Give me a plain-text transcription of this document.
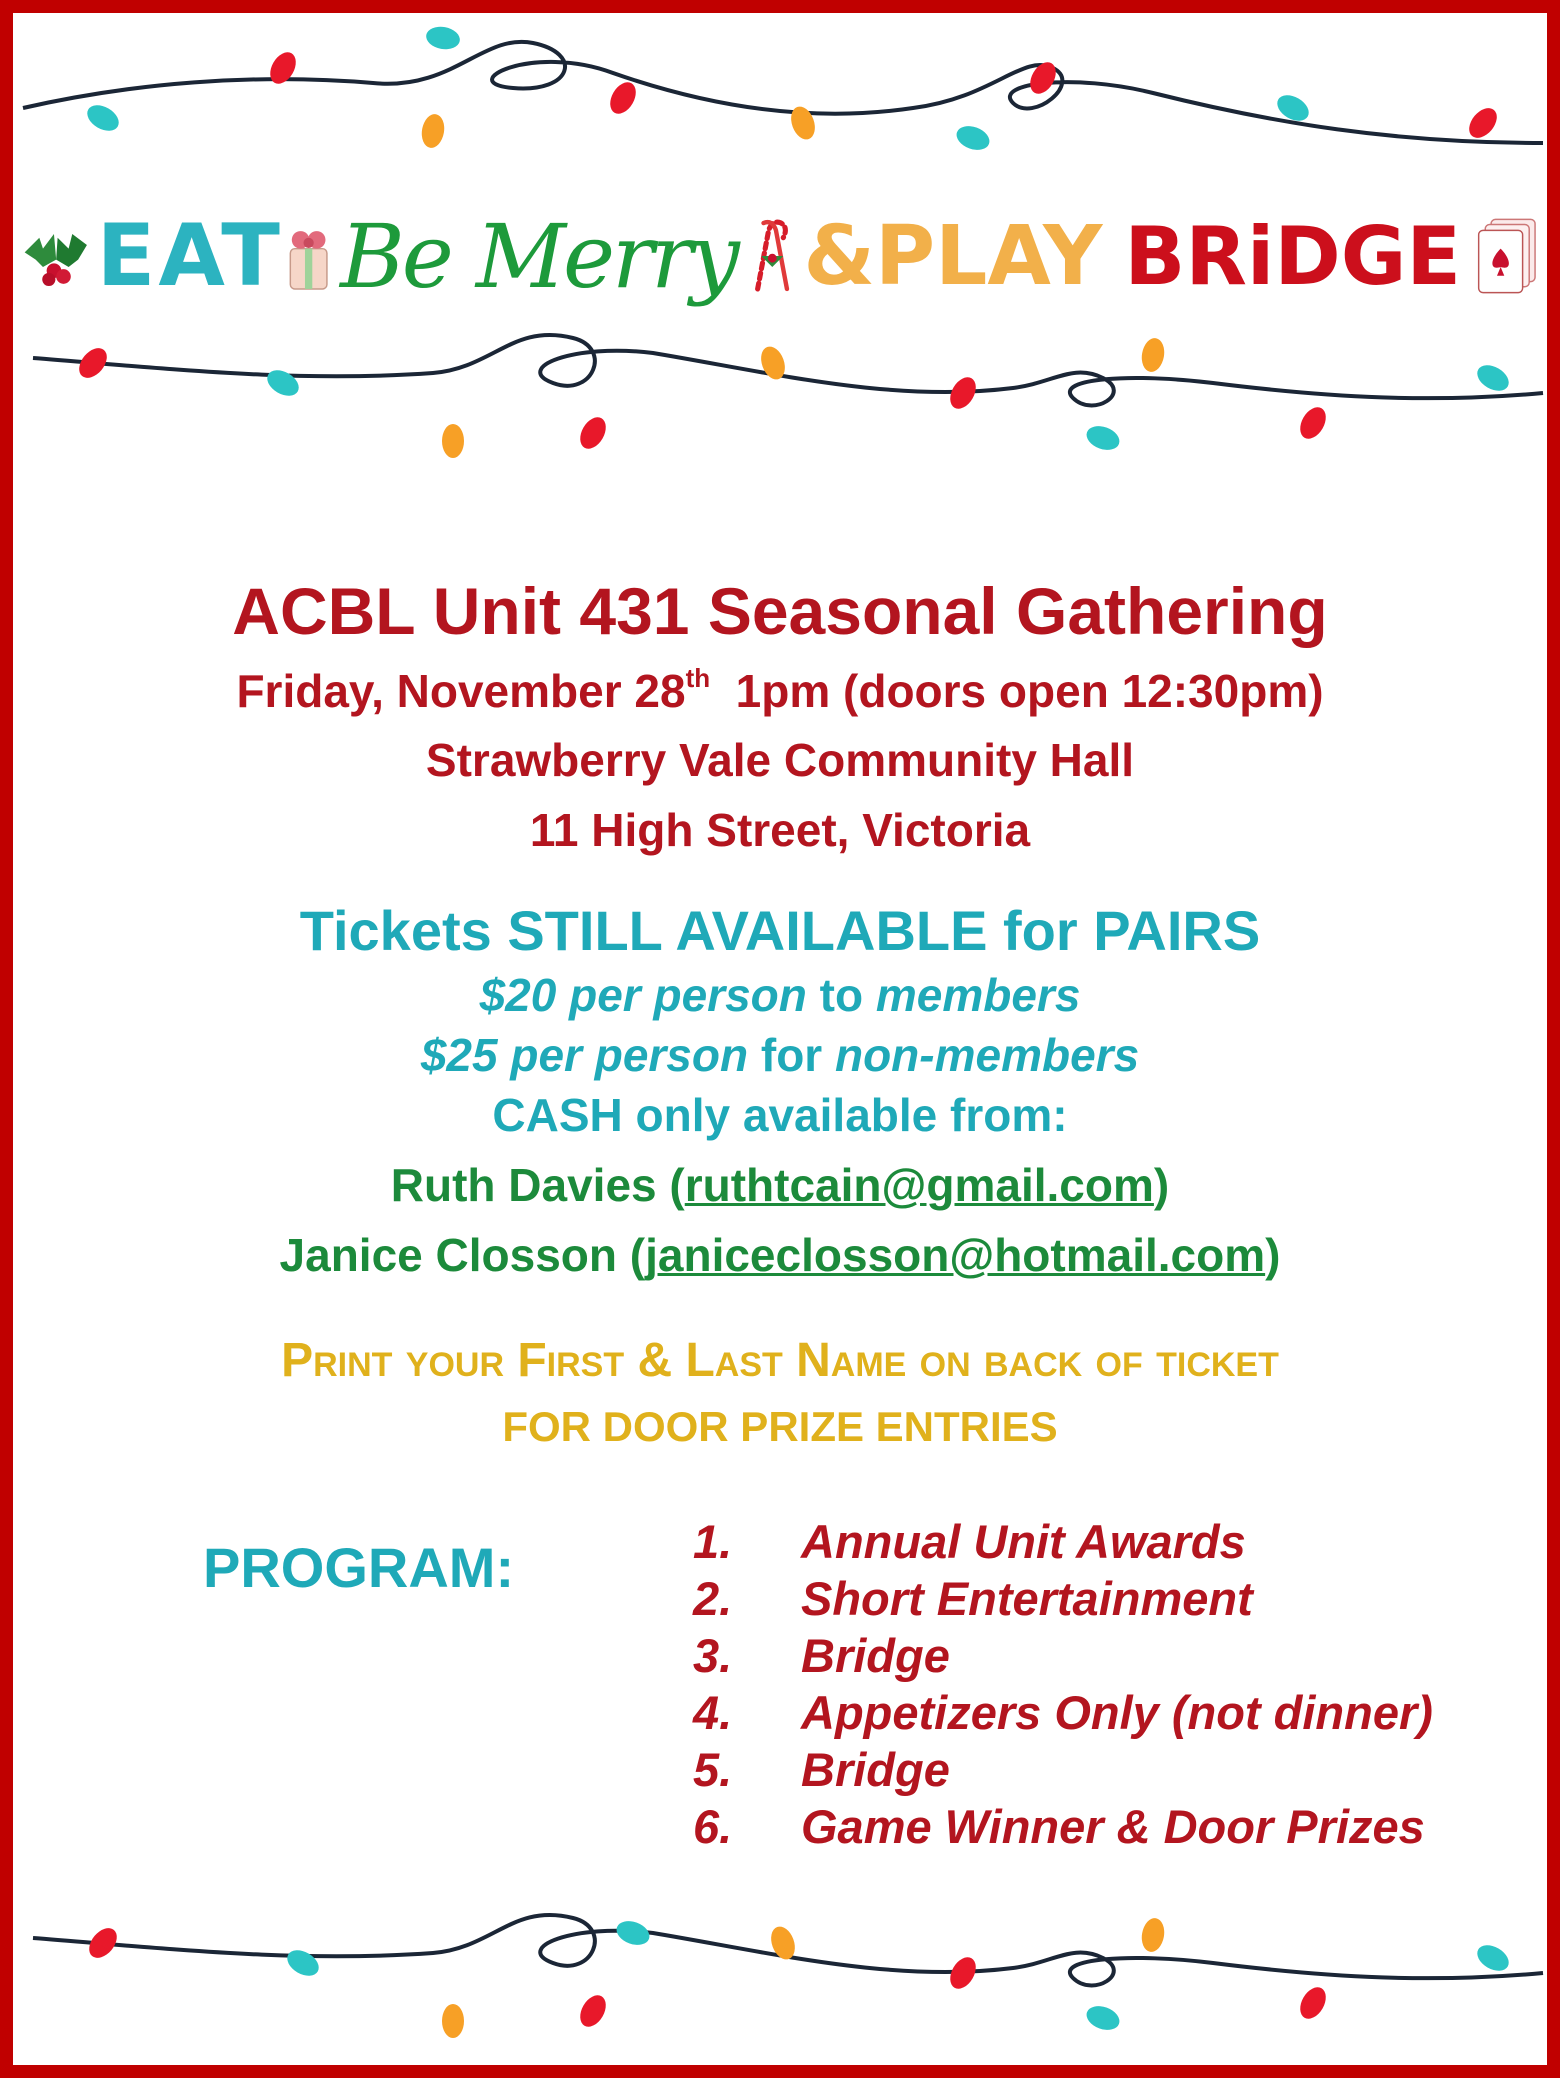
EAT Be Merry &PLAY BRiDGE
ACBL Unit 431 Seasonal Gathering
Friday, November 28th 1pm (doors open 12:30pm)
Strawberry Vale Community Hall
11 High Street, Victoria
Tickets STILL AVAILABLE for PAIRS
$20 per person to members
$25 per person for non-members
CASH only available from:
Ruth Davies (ruthtcain@gmail.com)
Janice Closson (janiceclosson@hotmail.com)
Print your First & Last Name on back of ticket
FOR DOOR PRIZE ENTRIES
PROGRAM:	1. Annual Unit Awards
2. Short Entertainment
3. Bridge
4. Appetizers Only (not dinner)
5. Bridge
6. Game Winner & Door Prizes
